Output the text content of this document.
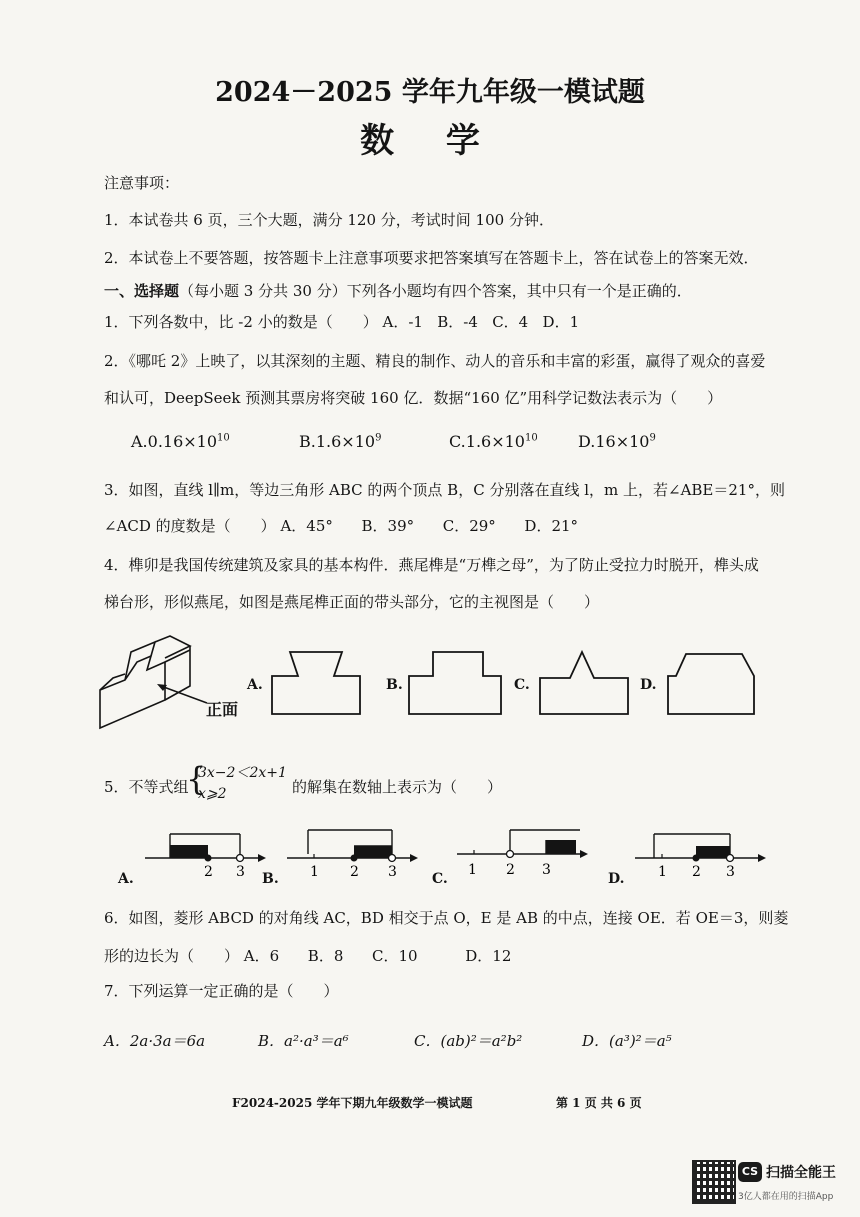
2024－2025 学年九年级一模试题
数 学
注意事项：
1．本试卷共 6 页，三个大题，满分 120 分，考试时间 100 分钟．
2．本试卷上不要答题，按答题卡上注意事项要求把答案填写在答题卡上，答在试卷上的答案无效．
一、选择题（每小题 3 分共 30 分）下列各小题均有四个答案，其中只有一个是正确的．
1．下列各数中，比 -2 小的数是（　　） A．-1 B．-4 C．4 D．1
2．《哪吒 2》上映了，以其深刻的主题、精良的制作、动人的音乐和丰富的彩蛋，赢得了观众的喜爱
和认可，DeepSeek 预测其票房将突破 160 亿．数据“160 亿”用科学记数法表示为（　　）
$A.0.16\times 10^{10}$	$B.1.6\times 10^9$	$C.1.6\times 10^{10}$	$D.16\times 10^9$
3．如图，直线 l∥m，等边三角形 ABC 的两个顶点 B，C 分别落在直线 l，m 上，若∠ABE＝21°，则
∠ACD 的度数是（　　） A．45° B．39° C．29° D．21°
4．榫卯是我国传统建筑及家具的基本构件．燕尾榫是“万榫之母”，为了防止受拉力时脱开，榫头成
梯台形，形似燕尾，如图是燕尾榫正面的带头部分，它的主视图是（　　）
正面
A.	B.	C.	D.
5．不等式组
{
3x−2＜2x+1
x⩾2	的解集在数轴上表示为（　　）
A.	2 3 B. 1 2 3	C.
1 2 3
D. 1 2 3
6．如图，菱形 ABCD 的对角线 AC，BD 相交于点 O，E 是 AB 的中点，连接 OE．若 OE＝3，则菱
形的边长为（　　） A．6 B．8 C．10	D．12
7．下列运算一定正确的是（　　）
A．2a·3a＝6a	B．a²·a³＝a⁶	C．(ab)²＝a²b²	D．(a³)²＝a⁵
F2024-2025 学年下期九年级数学一模试题	第 1 页 共 6 页
CS 扫描全能王
3亿人都在用的扫描App
